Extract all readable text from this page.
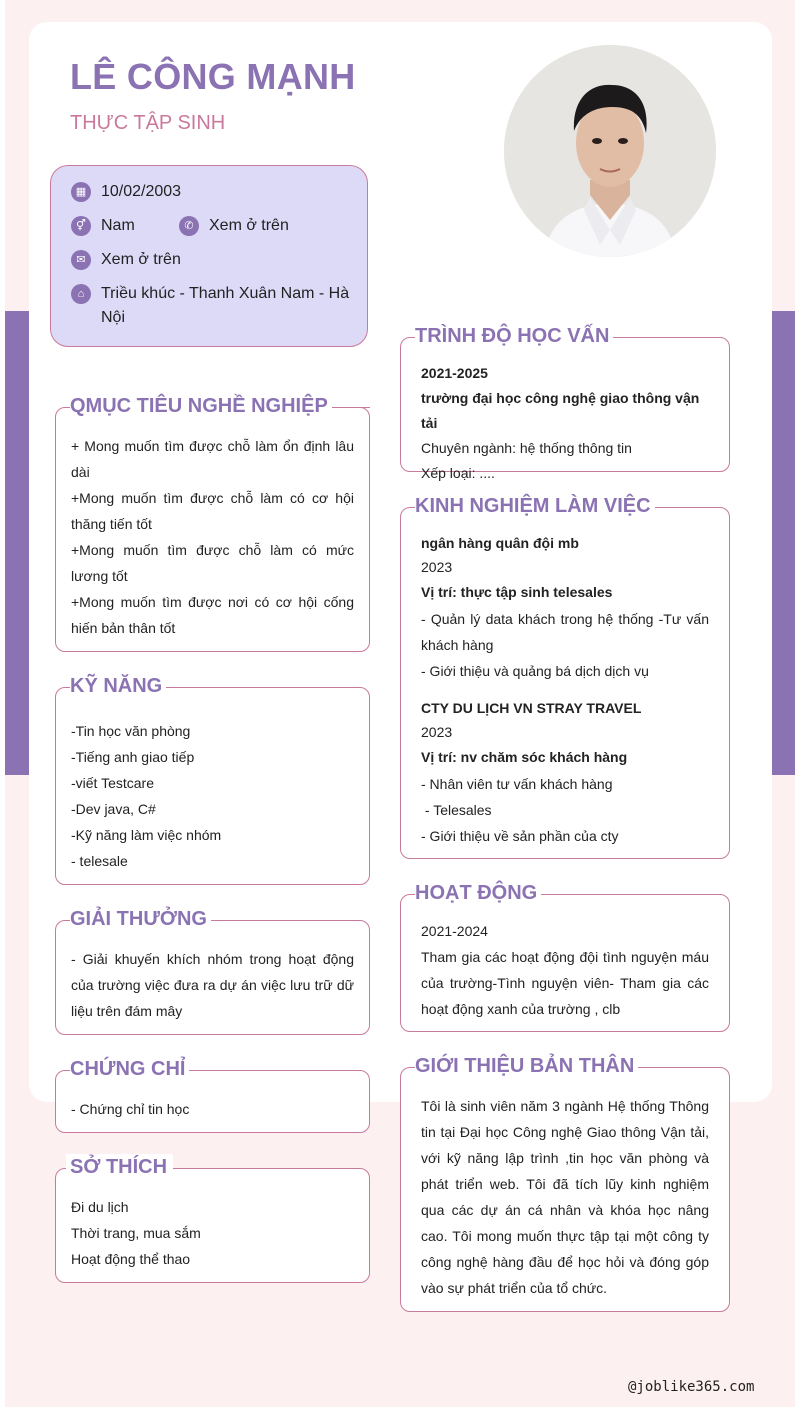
LÊ CÔNG MẠNH
THỰC TẬP SINH
▦ 10/02/2003
⚥ Nam	✆ Xem ở trên
✉ Xem ở trên
⌂	Triều khúc - Thanh Xuân Nam - Hà Nội
QMỤC TIÊU NGHỀ NGHIỆP
+ Mong muốn tìm được chỗ làm ổn định lâu dài
+Mong muốn tìm được chỗ làm có cơ hội thăng tiến tốt
+Mong muốn tìm được chỗ làm có mức lương tốt
+Mong muốn tìm được nơi có cơ hội cống hiến bản thân tốt
KỸ NĂNG
-Tin học văn phòng
-Tiếng anh giao tiếp
-viết Testcare
-Dev java, C#
-Kỹ năng làm việc nhóm
- telesale
GIẢI THƯỞNG
- Giải khuyến khích nhóm trong hoạt động của trường việc đưa ra dự án việc lưu trữ dữ liệu trên đám mây
CHỨNG CHỈ
- Chứng chỉ tin học
SỞ THÍCH
Đi du lịch
Thời trang, mua sắm
Hoạt động thể thao
TRÌNH ĐỘ HỌC VẤN
2021-2025
trường đại học công nghệ giao thông vận tải
Chuyên ngành: hệ thống thông tin
Xếp loại: ....
KINH NGHIỆM LÀM VIỆC
ngân hàng quân đội mb
2023
Vị trí: thực tập sinh telesales
- Quản lý data khách trong hệ thống -Tư vấn khách hàng
- Giới thiệu và quảng bá dịch dịch vụ
CTY DU LỊCH VN STRAY TRAVEL
2023
Vị trí: nv chăm sóc khách hàng
- Nhân viên tư vấn khách hàng
- Telesales
- Giới thiệu về sản phần của cty
HOẠT ĐỘNG
2021-2024
Tham gia các hoạt động đội tình nguyện máu của trường-Tình nguyện viên- Tham gia các hoạt động xanh của trường , clb
GIỚI THIỆU BẢN THÂN
Tôi là sinh viên năm 3 ngành Hệ thống Thông tin tại Đại học Công nghệ Giao thông Vận tải, với kỹ năng lập trình ,tin học văn phòng và phát triển web. Tôi đã tích lũy kinh nghiệm qua các dự án cá nhân và khóa học nâng cao. Tôi mong muốn thực tập tại một công ty công nghệ hàng đầu để học hỏi và đóng góp vào sự phát triển của tổ chức.
@joblike365.com
